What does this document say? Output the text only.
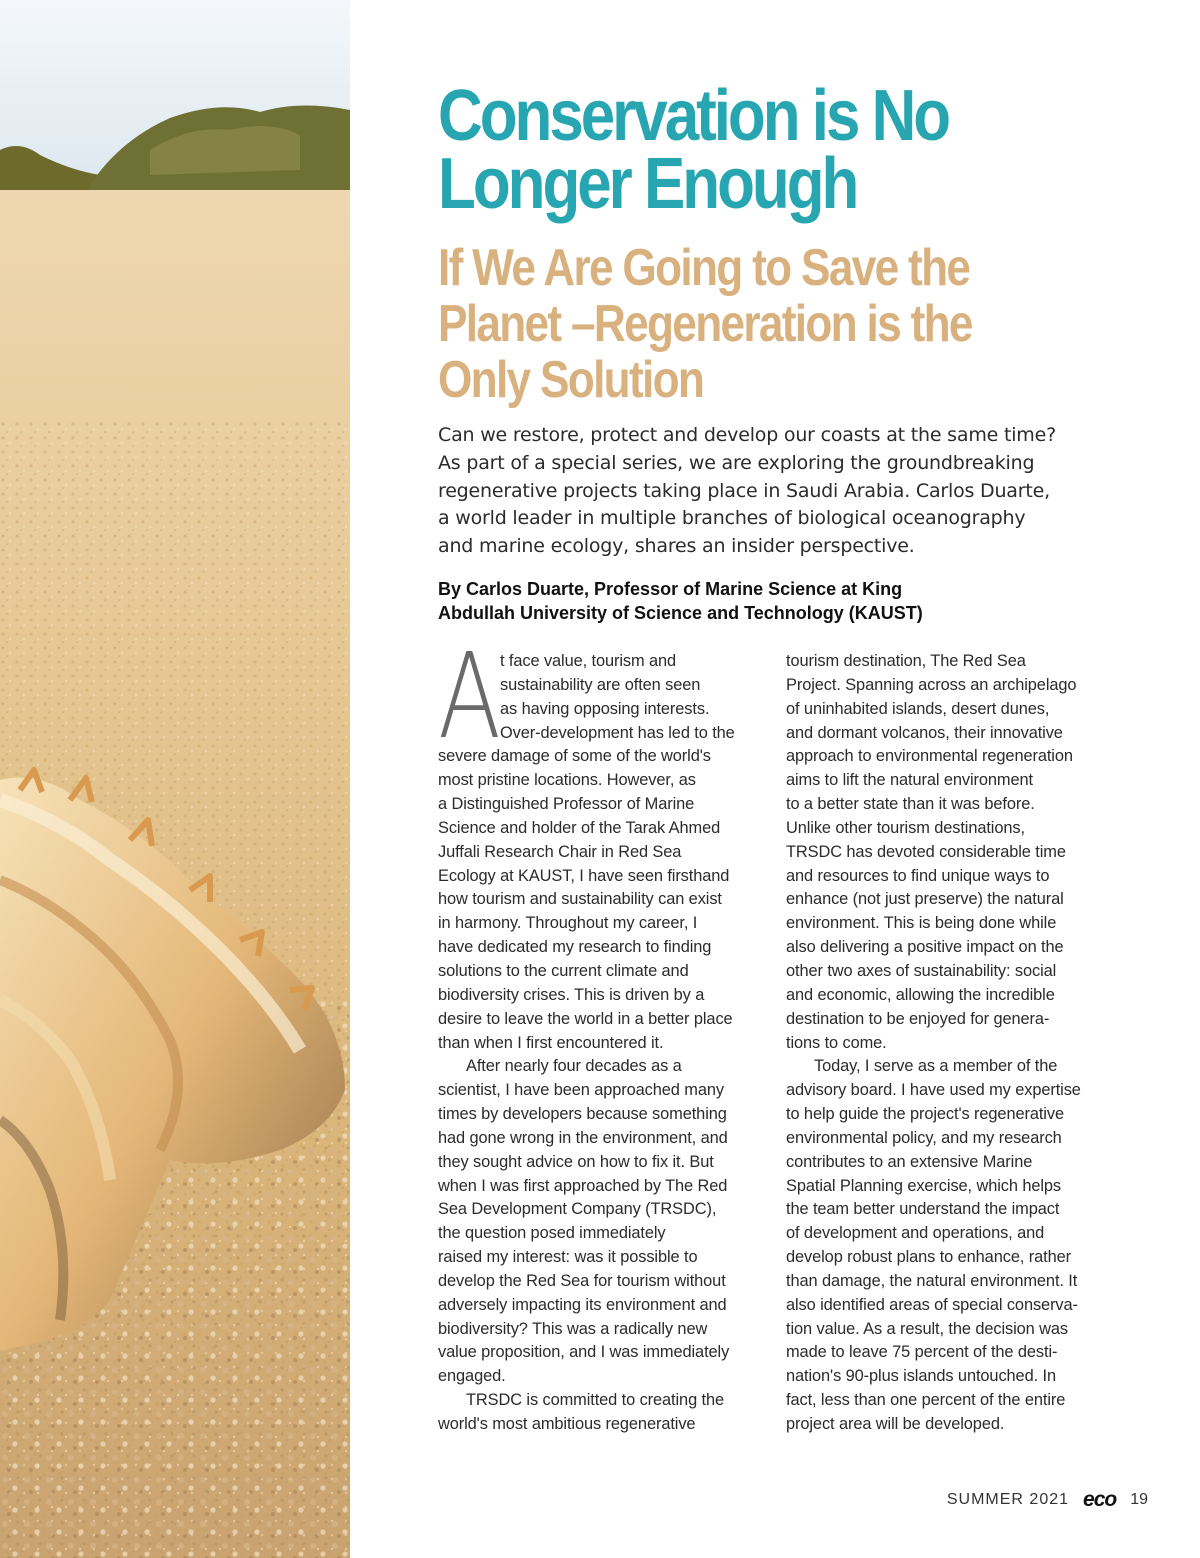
Conservation is No Longer Enough
If We Are Going to Save the
Planet –Regeneration is the
Only Solution

Can we restore, protect and develop our coasts at the same time?
As part of a special series, we are exploring the groundbreaking
regenerative projects taking place in Saudi Arabia. Carlos Duarte,
a world leader in multiple branches of biological oceanography
and marine ecology, shares an insider perspective.

By Carlos Duarte, Professor of Marine Science at King
Abdullah University of Science and Technology (KAUST)

A t face value, tourism and
sustainability are often seen
as having opposing interests.
Over-development has led to the
severe damage of some of the world's
most pristine locations. However, as
a Distinguished Professor of Marine
Science and holder of the Tarak Ahmed
Juffali Research Chair in Red Sea
Ecology at KAUST, I have seen firsthand
how tourism and sustainability can exist
in harmony. Throughout my career, I
have dedicated my research to finding
solutions to the current climate and
biodiversity crises. This is driven by a
desire to leave the world in a better place
than when I first encountered it.
After nearly four decades as a
scientist, I have been approached many
times by developers because something
had gone wrong in the environment, and
they sought advice on how to fix it. But
when I was first approached by The Red
Sea Development Company (TRSDC),
the question posed immediately
raised my interest: was it possible to
develop the Red Sea for tourism without
adversely impacting its environment and
biodiversity? This was a radically new
value proposition, and I was immediately
engaged.
TRSDC is committed to creating the
world's most ambitious regenerative
tourism destination, The Red Sea
Project. Spanning across an archipelago
of uninhabited islands, desert dunes,
and dormant volcanos, their innovative
approach to environmental regeneration
aims to lift the natural environment
to a better state than it was before.
Unlike other tourism destinations,
TRSDC has devoted considerable time
and resources to find unique ways to
enhance (not just preserve) the natural
environment. This is being done while
also delivering a positive impact on the
other two axes of sustainability: social
and economic, allowing the incredible
destination to be enjoyed for genera-
tions to come.
Today, I serve as a member of the
advisory board. I have used my expertise
to help guide the project's regenerative
environmental policy, and my research
contributes to an extensive Marine
Spatial Planning exercise, which helps
the team better understand the impact
of development and operations, and
develop robust plans to enhance, rather
than damage, the natural environment. It
also identified areas of special conserva-
tion value. As a result, the decision was
made to leave 75 percent of the desti-
nation's 90-plus islands untouched. In
fact, less than one percent of the entire
project area will be developed.
SUMMER 2021 eco 19
